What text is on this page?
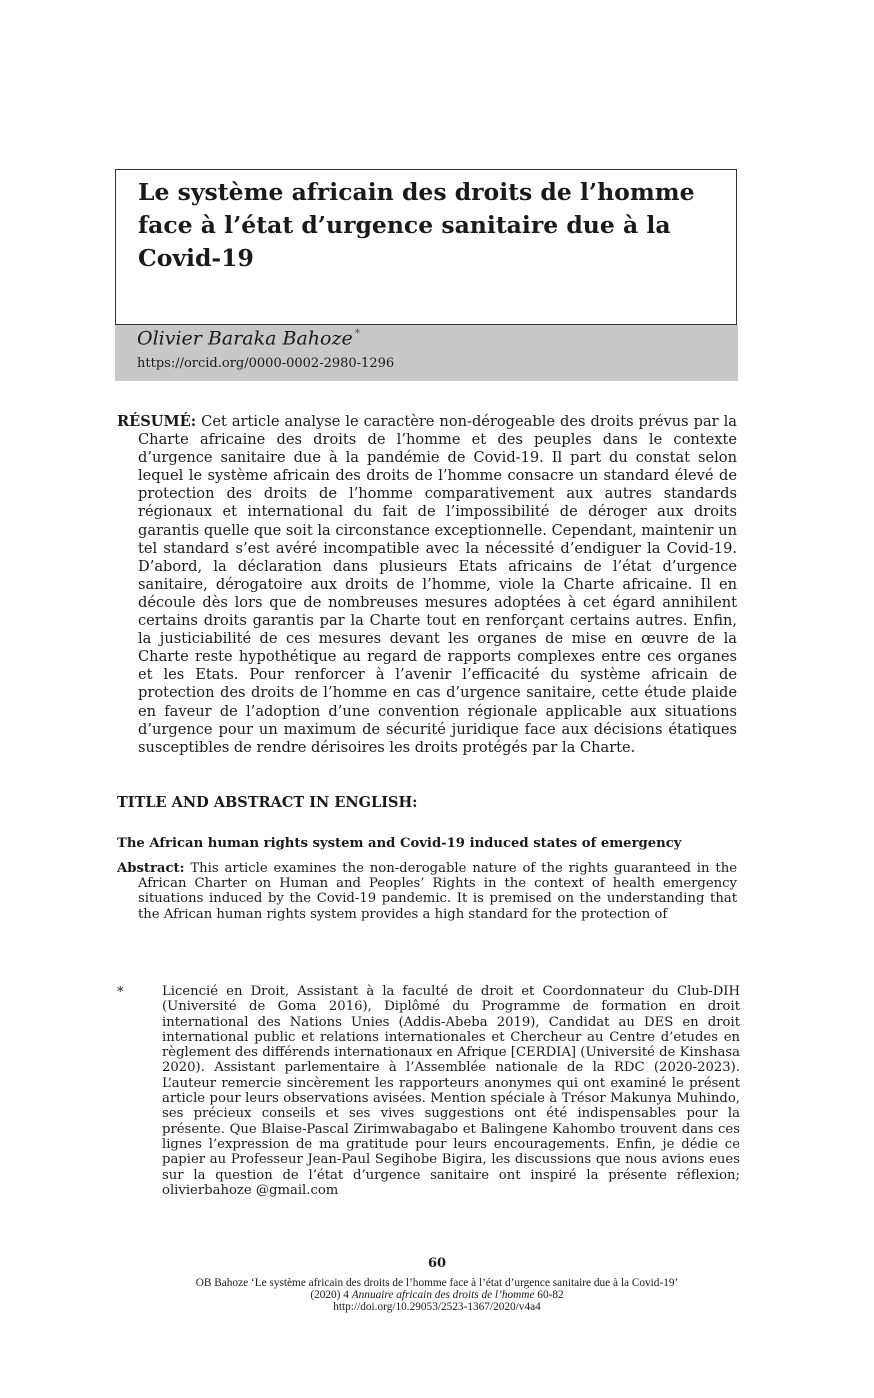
Le système africain des droits de l’homme face à l’état d’urgence sanitaire due à la Covid-19
Olivier Baraka Bahoze *
https://orcid.org/0000-0002-2980-1296

RÉSUMÉ: Cet article analyse le caractère non-dérogeable des droits prévus par la Charte africaine des droits de l’homme et des peuples dans le contexte d’urgence sanitaire due à la pandémie de Covid-19. Il part du constat selon lequel le système africain des droits de l’homme consacre un standard élevé de protection des droits de l’homme comparativement aux autres standards régionaux et international du fait de l’impossibilité de déroger aux droits garantis quelle que soit la circonstance exceptionnelle. Cependant, maintenir un tel standard s’est avéré incompatible avec la nécessité d’endiguer la Covid-19. D’abord, la déclaration dans plusieurs Etats africains de l’état d’urgence sanitaire, dérogatoire aux droits de l’homme, viole la Charte africaine. Il en découle dès lors que de nombreuses mesures adoptées à cet égard annihilent certains droits garantis par la Charte tout en renforçant certains autres. Enfin, la justiciabilité de ces mesures devant les organes de mise en œuvre de la Charte reste hypothétique au regard de rapports complexes entre ces organes et les Etats. Pour renforcer à l’avenir l’efficacité du système africain de protection des droits de l’homme en cas d’urgence sanitaire, cette étude plaide en faveur de l’adoption d’une convention régionale applicable aux situations d’urgence pour un maximum de sécurité juridique face aux décisions étatiques susceptibles de rendre dérisoires les droits protégés par la Charte.

TITLE AND ABSTRACT IN ENGLISH:
The African human rights system and Covid-19 induced states of emergency

Abstract: This article examines the non-derogable nature of the rights guaranteed in the African Charter on Human and Peoples’ Rights in the context of health emergency situations induced by the Covid-19 pandemic. It is premised on the understanding that the African human rights system provides a high standard for the protection of

*	Licencié en Droit, Assistant à la faculté de droit et Coordonnateur du Club-DIH (Université de Goma 2016), Diplômé du Programme de formation en droit international des Nations Unies (Addis-Abeba 2019), Candidat au DES en droit international public et relations internationales et Chercheur au Centre d’etudes en règlement des différends internationaux en Afrique [CERDIA] (Université de Kinshasa 2020). Assistant parlementaire à l’Assemblée nationale de la RDC (2020-2023). L’auteur remercie sincèrement les rapporteurs anonymes qui ont examiné le présent article pour leurs observations avisées. Mention spéciale à Trésor Makunya Muhindo, ses précieux conseils et ses vives suggestions ont été indispensables pour la présente. Que Blaise-Pascal Zirimwabagabo et Balingene Kahombo trouvent dans ces lignes l’expression de ma gratitude pour leurs encouragements. Enfin, je dédie ce papier au Professeur Jean-Paul Segihobe Bigira, les discussions que nous avions eues sur la question de l’état d’urgence sanitaire ont inspiré la présente réflexion; olivierbahoze @gmail.com

60
OB Bahoze ‘Le système africain des droits de l’homme face à l’état d’urgence sanitaire due à la Covid-19’
(2020) 4 Annuaire africain des droits de l’homme 60-82
http://doi.org/10.29053/2523-1367/2020/v4a4
